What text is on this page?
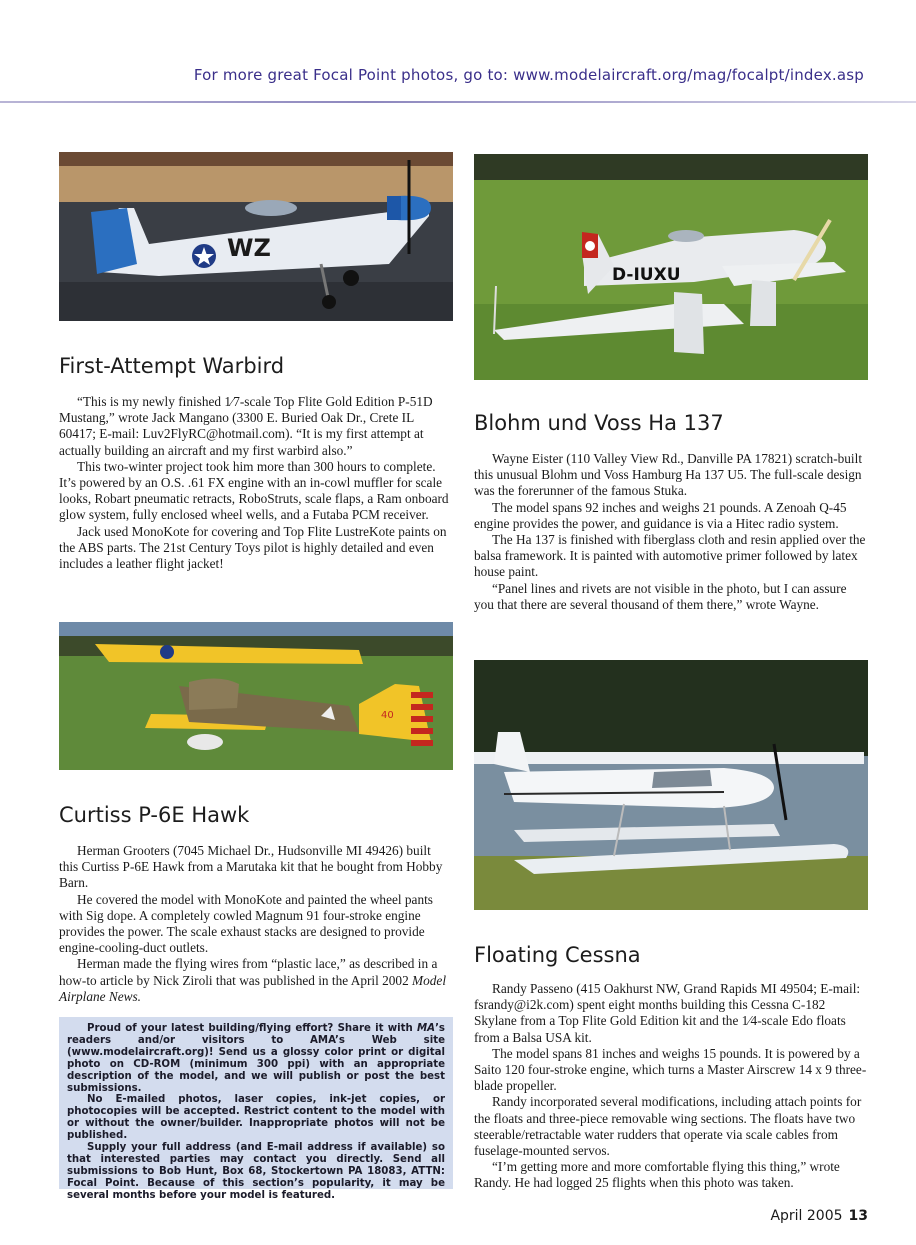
For more great Focal Point photos, go to: www.modelaircraft.org/mag/focalpt/index.asp
WZ
D-IUXU
40
First-Attempt Warbird

“This is my newly finished 1⁄7-scale Top Flite Gold Edition P-51D Mustang,” wrote Jack Mangano (3300 E. Buried Oak Dr., Crete IL 60417; E-mail: Luv2FlyRC@hotmail.com). “It is my first attempt at actually building an aircraft and my first warbird also.”

This two-winter project took him more than 300 hours to complete. It’s powered by an O.S. .61 FX engine with an in-cowl muffler for scale looks, Robart pneumatic retracts, RoboStruts, scale flaps, a Ram onboard glow system, fully enclosed wheel wells, and a Futaba PCM receiver.

Jack used MonoKote for covering and Top Flite LustreKote paints on the ABS parts. The 21st Century Toys pilot is highly detailed and even includes a leather flight jacket!

Blohm und Voss Ha 137

Wayne Eister (110 Valley View Rd., Danville PA 17821) scratch-built this unusual Blohm und Voss Hamburg Ha 137 U5. The full-scale design was the forerunner of the famous Stuka.

The model spans 92 inches and weighs 21 pounds. A Zenoah Q-45 engine provides the power, and guidance is via a Hitec radio system.

The Ha 137 is finished with fiberglass cloth and resin applied over the balsa framework. It is painted with automotive primer followed by latex house paint.

“Panel lines and rivets are not visible in the photo, but I can assure you that there are several thousand of them there,” wrote Wayne.

Curtiss P-6E Hawk

Herman Grooters (7045 Michael Dr., Hudsonville MI 49426) built this Curtiss P-6E Hawk from a Marutaka kit that he bought from Hobby Barn.

He covered the model with MonoKote and painted the wheel pants with Sig dope. A completely cowled Magnum 91 four-stroke engine provides the power. The scale exhaust stacks are designed to provide engine-cooling-duct outlets.

Herman made the flying wires from “plastic lace,” as described in a how-to article by Nick Ziroli that was published in the April 2002 Model Airplane News.

Floating Cessna

Randy Passeno (415 Oakhurst NW, Grand Rapids MI 49504; E-mail: fsrandy@i2k.com) spent eight months building this Cessna C-182 Skylane from a Top Flite Gold Edition kit and the 1⁄4-scale Edo floats from a Balsa USA kit.

The model spans 81 inches and weighs 15 pounds. It is powered by a Saito 120 four-stroke engine, which turns a Master Airscrew 14 x 9 three-blade propeller.

Randy incorporated several modifications, including attach points for the floats and three-piece removable wing sections. The floats have two steerable/retractable water rudders that operate via scale cables from fuselage-mounted servos.

“I’m getting more and more comfortable flying this thing,” wrote Randy. He had logged 25 flights when this photo was taken.

Proud of your latest building/flying effort? Share it with MA’s readers and/or visitors to AMA’s Web site (www.modelaircraft.org)! Send us a glossy color print or digital photo on CD-ROM (minimum 300 ppi) with an appropriate description of the model, and we will publish or post the best submissions.

No E-mailed photos, laser copies, ink-jet copies, or photocopies will be accepted. Restrict content to the model with or without the owner/builder. Inappropriate photos will not be published.

Supply your full address (and E-mail address if available) so that interested parties may contact you directly. Send all submissions to Bob Hunt, Box 68, Stockertown PA 18083, ATTN: Focal Point. Because of this section’s popularity, it may be several months before your model is featured.

April 2005 13
